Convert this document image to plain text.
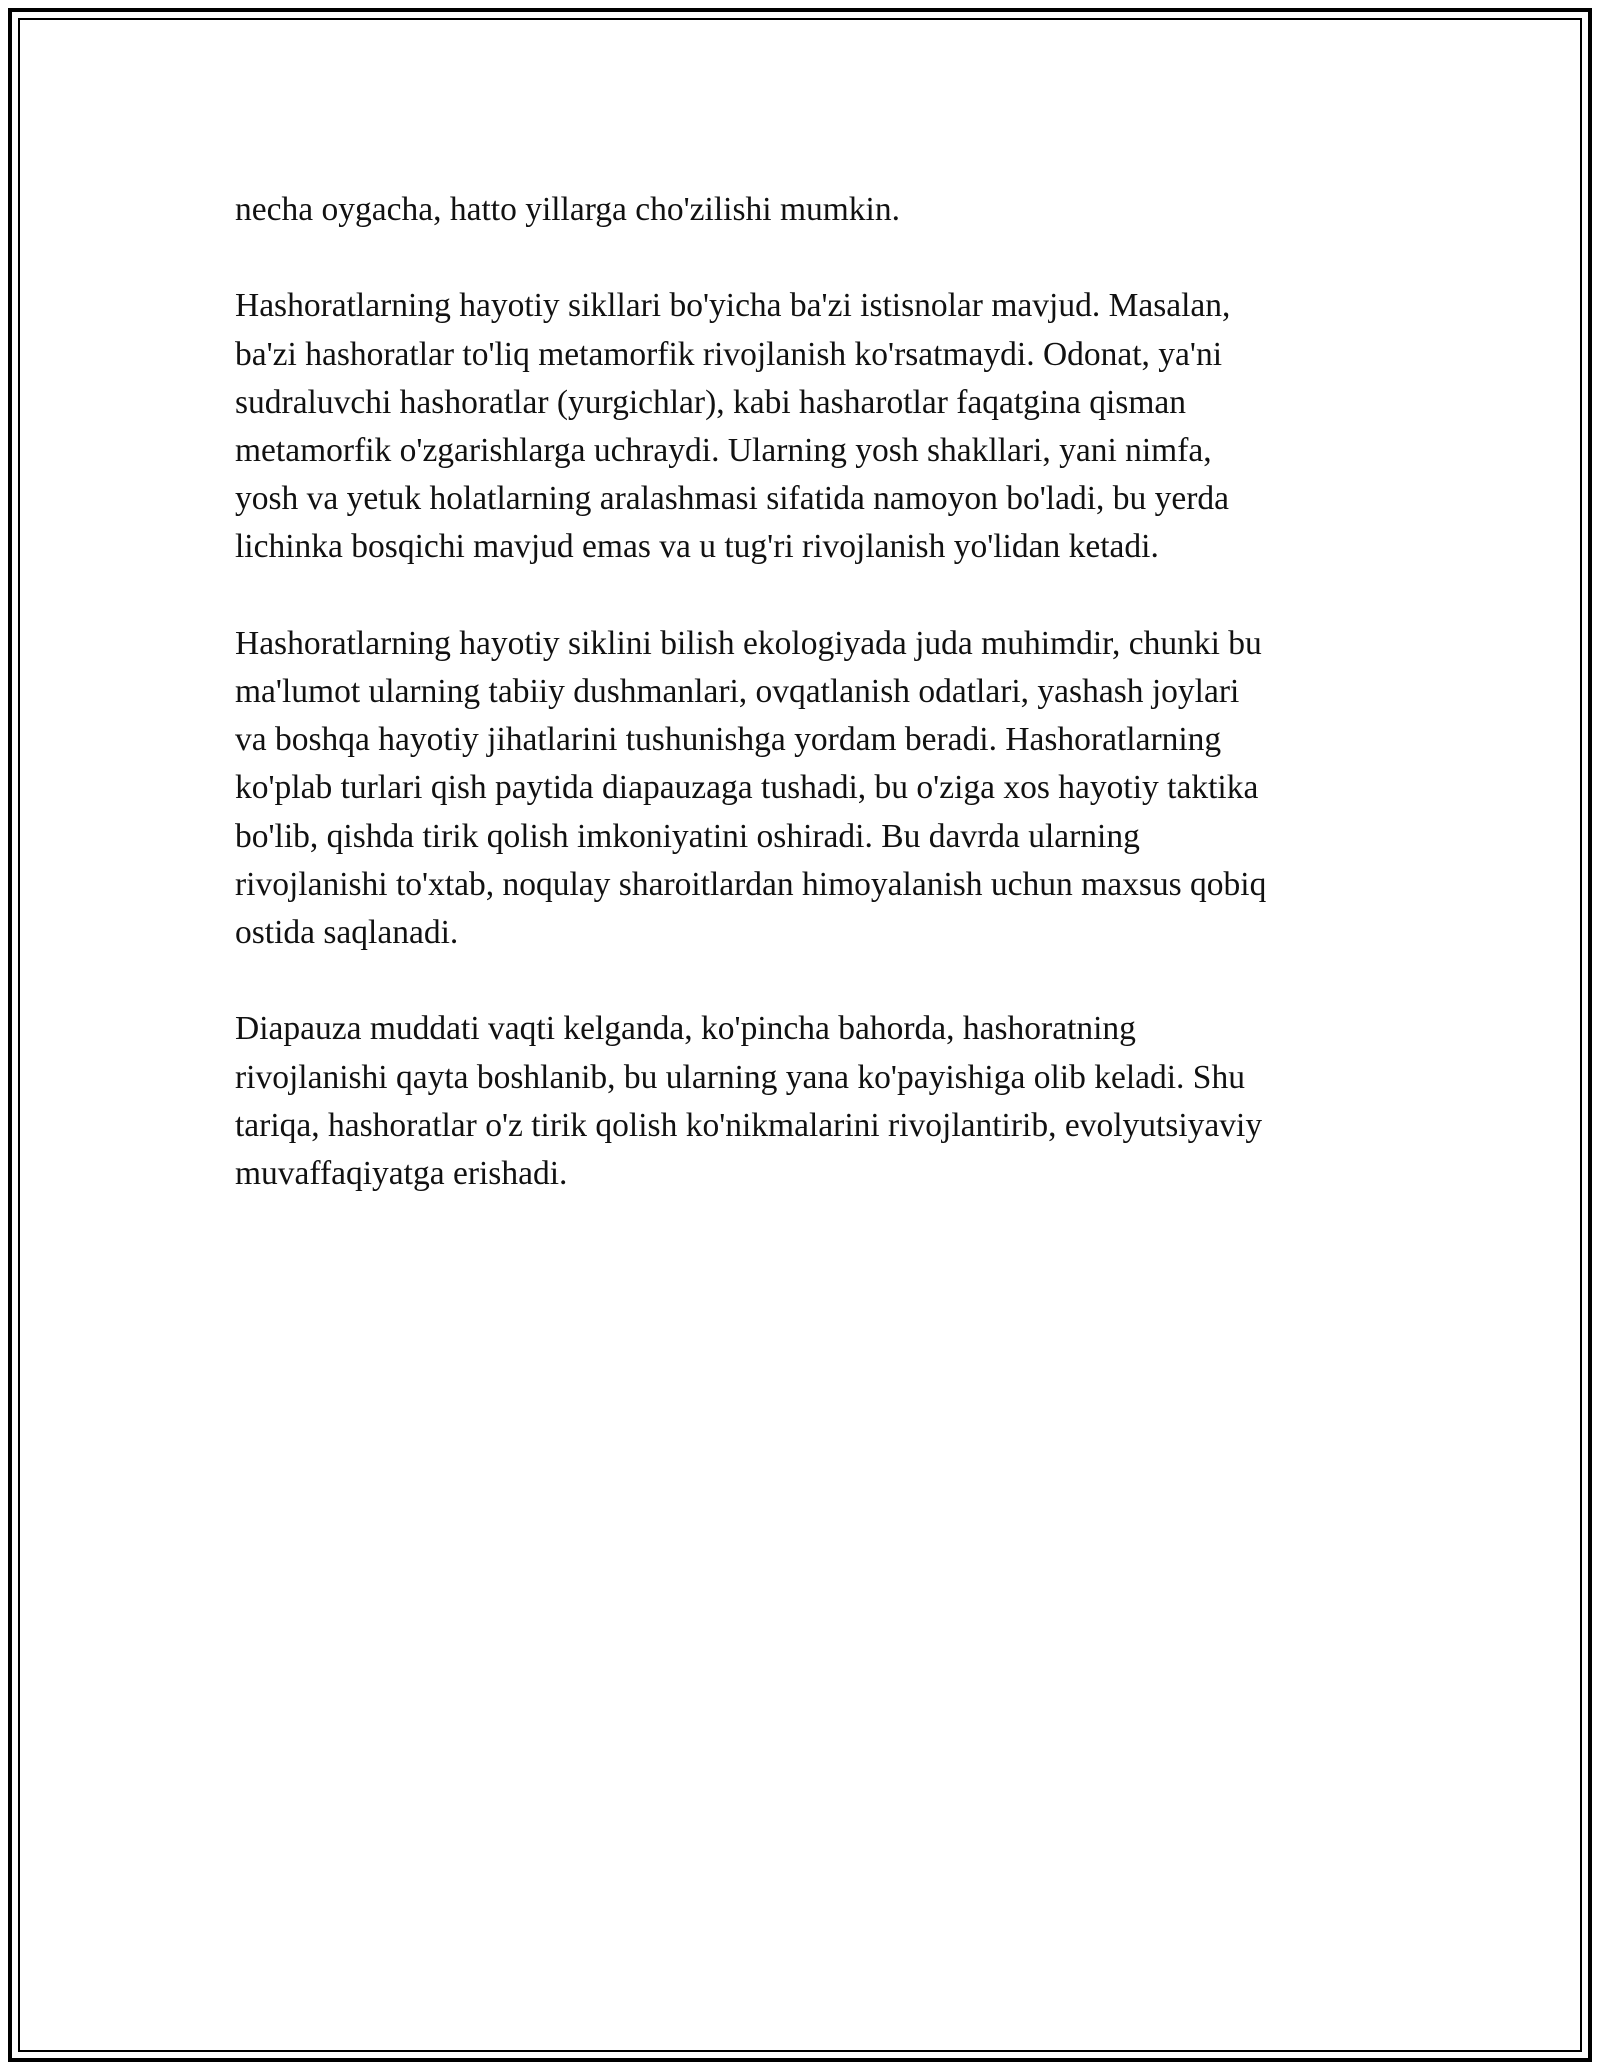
necha oygacha, hatto yillarga cho'zilishi mumkin.

Hashoratlarning hayotiy sikllari bo'yicha ba'zi istisnolar mavjud. Masalan,
ba'zi hashoratlar to'liq metamorfik rivojlanish ko'rsatmaydi. Odonat, ya'ni
sudraluvchi hashoratlar (yurgichlar), kabi hasharotlar faqatgina qisman
metamorfik o'zgarishlarga uchraydi. Ularning yosh shakllari, yani nimfa,
yosh va yetuk holatlarning aralashmasi sifatida namoyon bo'ladi, bu yerda
lichinka bosqichi mavjud emas va u tug'ri rivojlanish yo'lidan ketadi.

Hashoratlarning hayotiy siklini bilish ekologiyada juda muhimdir, chunki bu
ma'lumot ularning tabiiy dushmanlari, ovqatlanish odatlari, yashash joylari
va boshqa hayotiy jihatlarini tushunishga yordam beradi. Hashoratlarning
ko'plab turlari qish paytida diapauzaga tushadi, bu o'ziga xos hayotiy taktika
bo'lib, qishda tirik qolish imkoniyatini oshiradi. Bu davrda ularning
rivojlanishi to'xtab, noqulay sharoitlardan himoyalanish uchun maxsus qobiq
ostida saqlanadi.

Diapauza muddati vaqti kelganda, ko'pincha bahorda, hashoratning
rivojlanishi qayta boshlanib, bu ularning yana ko'payishiga olib keladi. Shu
tariqa, hashoratlar o'z tirik qolish ko'nikmalarini rivojlantirib, evolyutsiyaviy
muvaffaqiyatga erishadi.
